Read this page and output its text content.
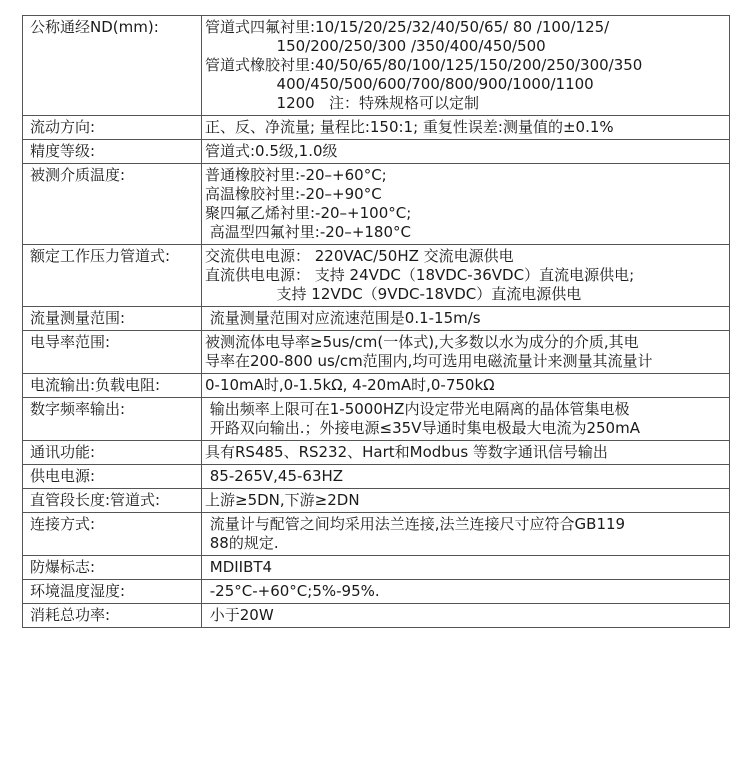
公称通经ND(mm):	管道式四氟衬里:10/15/20/25/32/40/50/65/ 80 /100/125/
150/200/250/300 /350/400/450/500
管道式橡胶衬里:40/50/65/80/100/125/150/200/250/300/350
400/450/500/600/700/800/900/1000/1100
1200   注：特殊规格可以定制

流动方向:	正、反、净流量; 量程比:150:1; 重复性误差:测量值的±0.1%

精度等级:	管道式:0.5级,1.0级

被测介质温度:	普通橡胶衬里:-20–+60°C;
高温橡胶衬里:-20–+90°C
聚四氟乙烯衬里:-20–+100°C;
高温型四氟衬里:-20–+180°C

额定工作压力管道式:	交流供电电源： 220VAC/50HZ 交流电源供电
直流供电电源： 支持 24VDC（18VDC-36VDC）直流电源供电;
支持 12VDC（9VDC-18VDC）直流电源供电

流量测量范围:	流量测量范围对应流速范围是0.1-15m/s

电导率范围:	被测流体电导率≥5us/cm(一体式),大多数以水为成分的介质,其电
导率在200-800 us/cm范围内,均可选用电磁流量计来测量其流量计

电流输出:负载电阻:	0-10mA时,0-1.5kΩ, 4-20mA时,0-750kΩ

数字频率输出:	输出频率上限可在1-5000HZ内设定带光电隔离的晶体管集电极
开路双向输出.；外接电源≤35V导通时集电极最大电流为250mA

通讯功能:	具有RS485、RS232、Hart和Modbus 等数字通讯信号输出

供电电源:	85-265V,45-63HZ

直管段长度:管道式:	上游≥5DN,下游≥2DN

连接方式:	流量计与配管之间均采用法兰连接,法兰连接尺寸应符合GB119
88的规定.

防爆标志:	MDIIBT4

环境温度湿度:	-25°C-+60°C;5%-95%.

消耗总功率:	小于20W
